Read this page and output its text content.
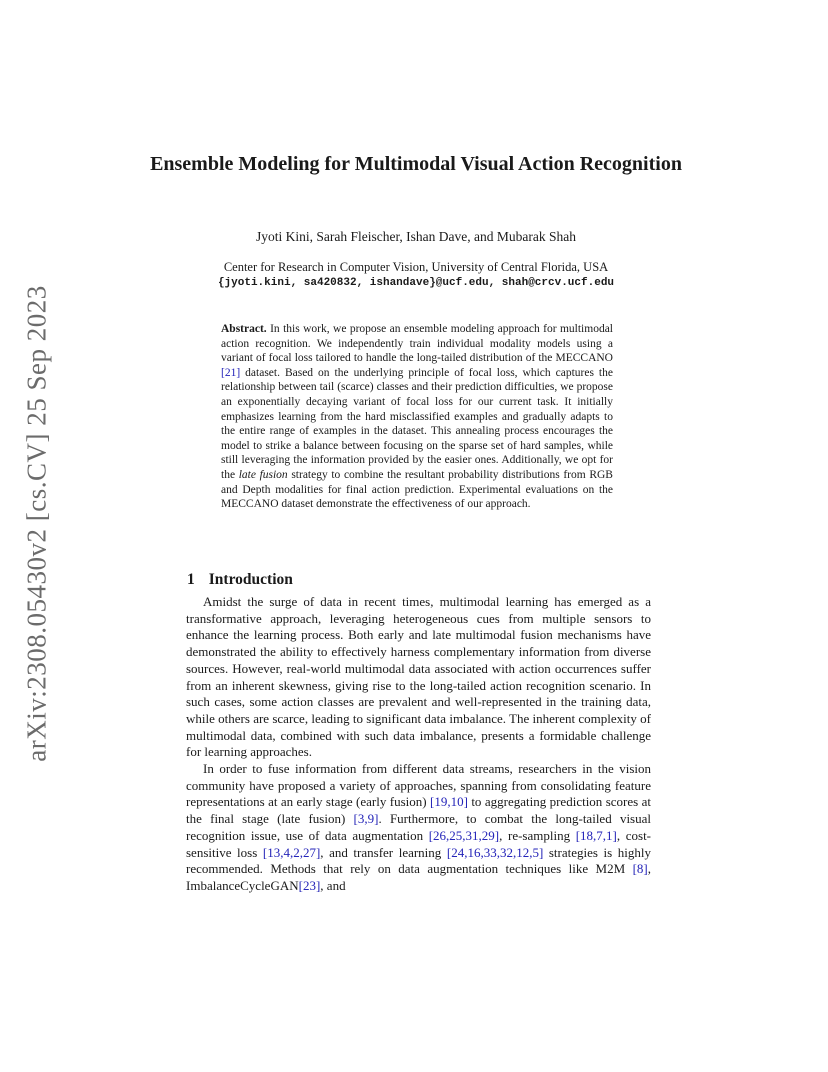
arXiv:2308.05430v2 [cs.CV] 25 Sep 2023
Ensemble Modeling for Multimodal Visual Action Recognition

Jyoti Kini, Sarah Fleischer, Ishan Dave, and Mubarak Shah

Center for Research in Computer Vision, University of Central Florida, USA
{jyoti.kini, sa420832, ishandave}@ucf.edu, shah@crcv.ucf.edu

Abstract. In this work, we propose an ensemble modeling approach for multimodal action recognition. We independently train individual modality models using a variant of focal loss tailored to handle the long-tailed distribution of the MECCANO [21] dataset. Based on the underlying principle of focal loss, which captures the relationship between tail (scarce) classes and their prediction difficulties, we propose an exponentially decaying variant of focal loss for our current task. It initially emphasizes learning from the hard misclassified examples and gradually adapts to the entire range of examples in the dataset. This annealing process encourages the model to strike a balance between focusing on the sparse set of hard samples, while still leveraging the information provided by the easier ones. Additionally, we opt for the late fusion strategy to combine the resultant probability distributions from RGB and Depth modalities for final action prediction. Experimental evaluations on the MECCANO dataset demonstrate the effectiveness of our approach.

1 Introduction

Amidst the surge of data in recent times, multimodal learning has emerged as a transformative approach, leveraging heterogeneous cues from multiple sensors to enhance the learning process. Both early and late multimodal fusion mechanisms have demonstrated the ability to effectively harness complementary information from diverse sources. However, real-world multimodal data associated with action occurrences suffer from an inherent skewness, giving rise to the long-tailed action recognition scenario. In such cases, some action classes are prevalent and well-represented in the training data, while others are scarce, leading to significant data imbalance. The inherent complexity of multimodal data, combined with such data imbalance, presents a formidable challenge for learning approaches.

In order to fuse information from different data streams, researchers in the vision community have proposed a variety of approaches, spanning from consolidating feature representations at an early stage (early fusion) [19,10] to aggregating prediction scores at the final stage (late fusion) [3,9]. Furthermore, to combat the long-tailed visual recognition issue, use of data augmentation [26,25,31,29], re-sampling [18,7,1], cost-sensitive loss [13,4,2,27], and transfer learning [24,16,33,32,12,5] strategies is highly recommended. Methods that rely on data augmentation techniques like M2M [8], ImbalanceCycleGAN[23], and
